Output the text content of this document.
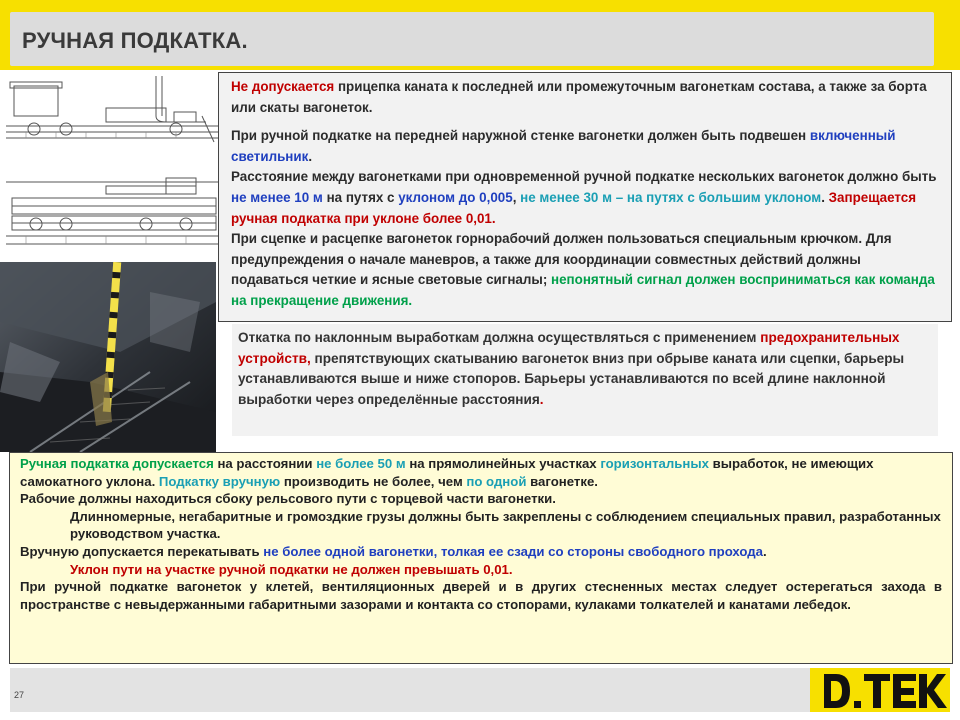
РУЧНАЯ ПОДКАТКА.

Не допускается прицепка каната к последней или промежуточным вагонеткам состава, а также за борта или скаты вагонеток.

При ручной подкатке на передней наружной стенке вагонетки должен быть подвешен включенный светильник.

Расстояние между вагонетками при одновременной ручной подкатке нескольких вагонеток должно быть не менее 10 м на путях с уклоном до 0,005, не менее 30 м – на путях с большим уклоном. Запрещается ручная подкатка при уклоне более 0,01.

При сцепке и расцепке вагонеток горнорабочий должен пользоваться специальным крючком. Для предупреждения о начале маневров, а также для координации совместных действий должны подаваться четкие и ясные световые сигналы; непонятный сигнал должен восприниматься как команда на прекращение движения.

Откатка по наклонным выработкам должна осуществляться с применением предохранительных устройств, препятствующих скатыванию вагонеток вниз при обрыве каната или сцепки, барьеры устанавливаются выше и ниже стопоров. Барьеры устанавливаются по всей длине наклонной выработки через определённые расстояния.

Ручная подкатка допускается на расстоянии не более 50 м на прямолинейных участках горизонтальных выработок, не имеющих самокатного уклона. Подкатку вручную производить не более, чем по одной вагонетке.

Рабочие должны находиться сбоку рельсового пути с торцевой части вагонетки.

Длинномерные, негабаритные и громоздкие грузы должны быть закреплены с соблюдением специальных правил, разработанных руководством участка.

Вручную допускается перекатывать не более одной вагонетки, толкая ее сзади со стороны свободного прохода.

Уклон пути на участке ручной подкатки не должен превышать 0,01.

При ручной подкатке вагонеток у клетей, вентиляционных дверей и в других стесненных местах следует остерегаться захода в пространстве с невыдержанными габаритными зазорами и контакта со стопорами, кулаками толкателей и канатами лебедок.

27
